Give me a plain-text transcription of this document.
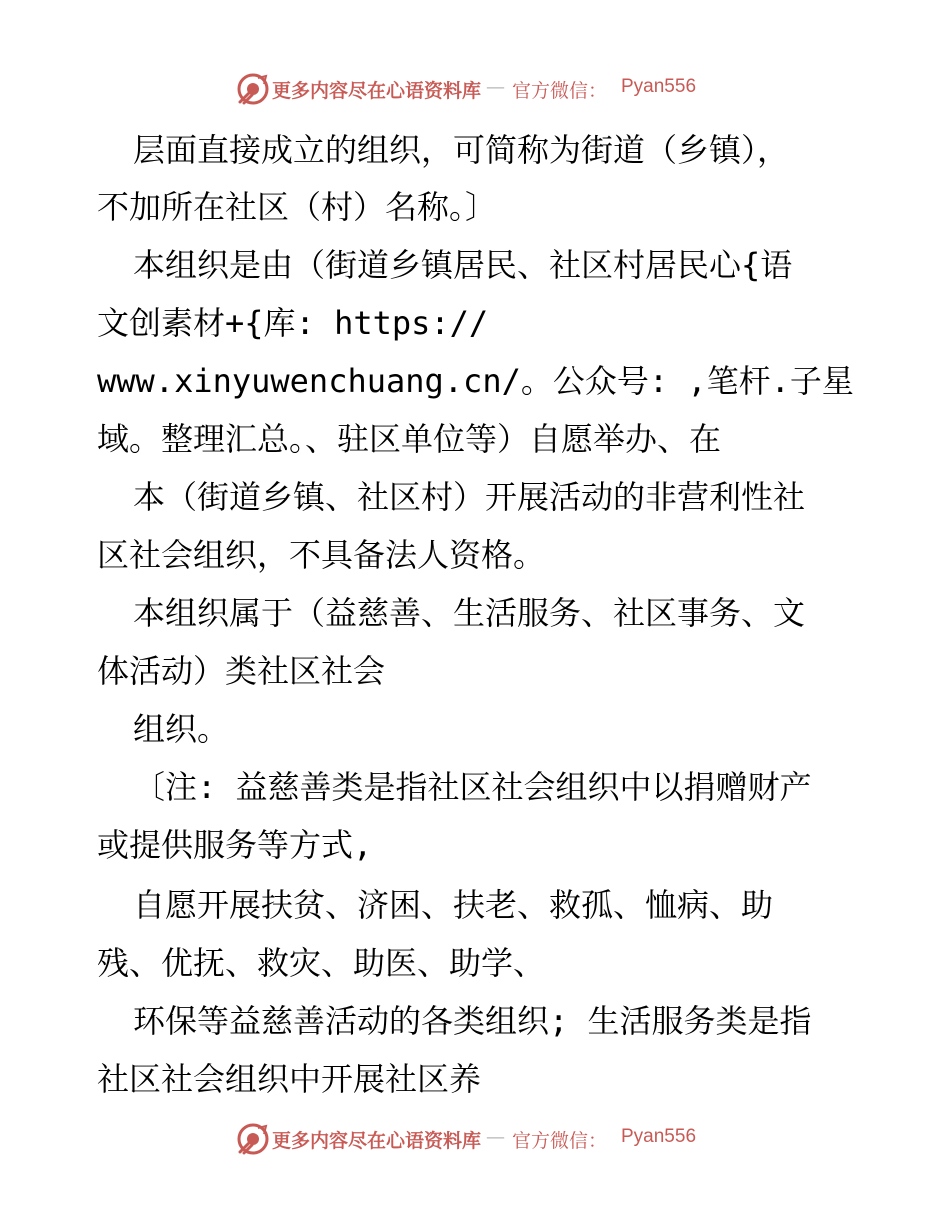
更多内容尽在心语资料库 — 官方微信： Pyan556
层面直接成立的组织，可简称为街道（乡镇），
不加所在社区（村）名称。〕
本组织是由（街道乡镇居民、社区村居民心{语
文创素材+{库: https://
www.xinyuwenchuang.cn/。公众号: ,笔杆.子星
域。整理汇总。、驻区单位等）自愿举办、在
本（街道乡镇、社区村）开展活动的非营利性社
区社会组织，不具备法人资格。
本组织属于（益慈善、生活服务、社区事务、文
体活动）类社区社会
组织。
〔注: 益慈善类是指社区社会组织中以捐赠财产
或提供服务等方式,
自愿开展扶贫、济困、扶老、救孤、恤病、助
残、优抚、救灾、助医、助学、
环保等益慈善活动的各类组织; 生活服务类是指
社区社会组织中开展社区养
更多内容尽在心语资料库 — 官方微信： Pyan556
